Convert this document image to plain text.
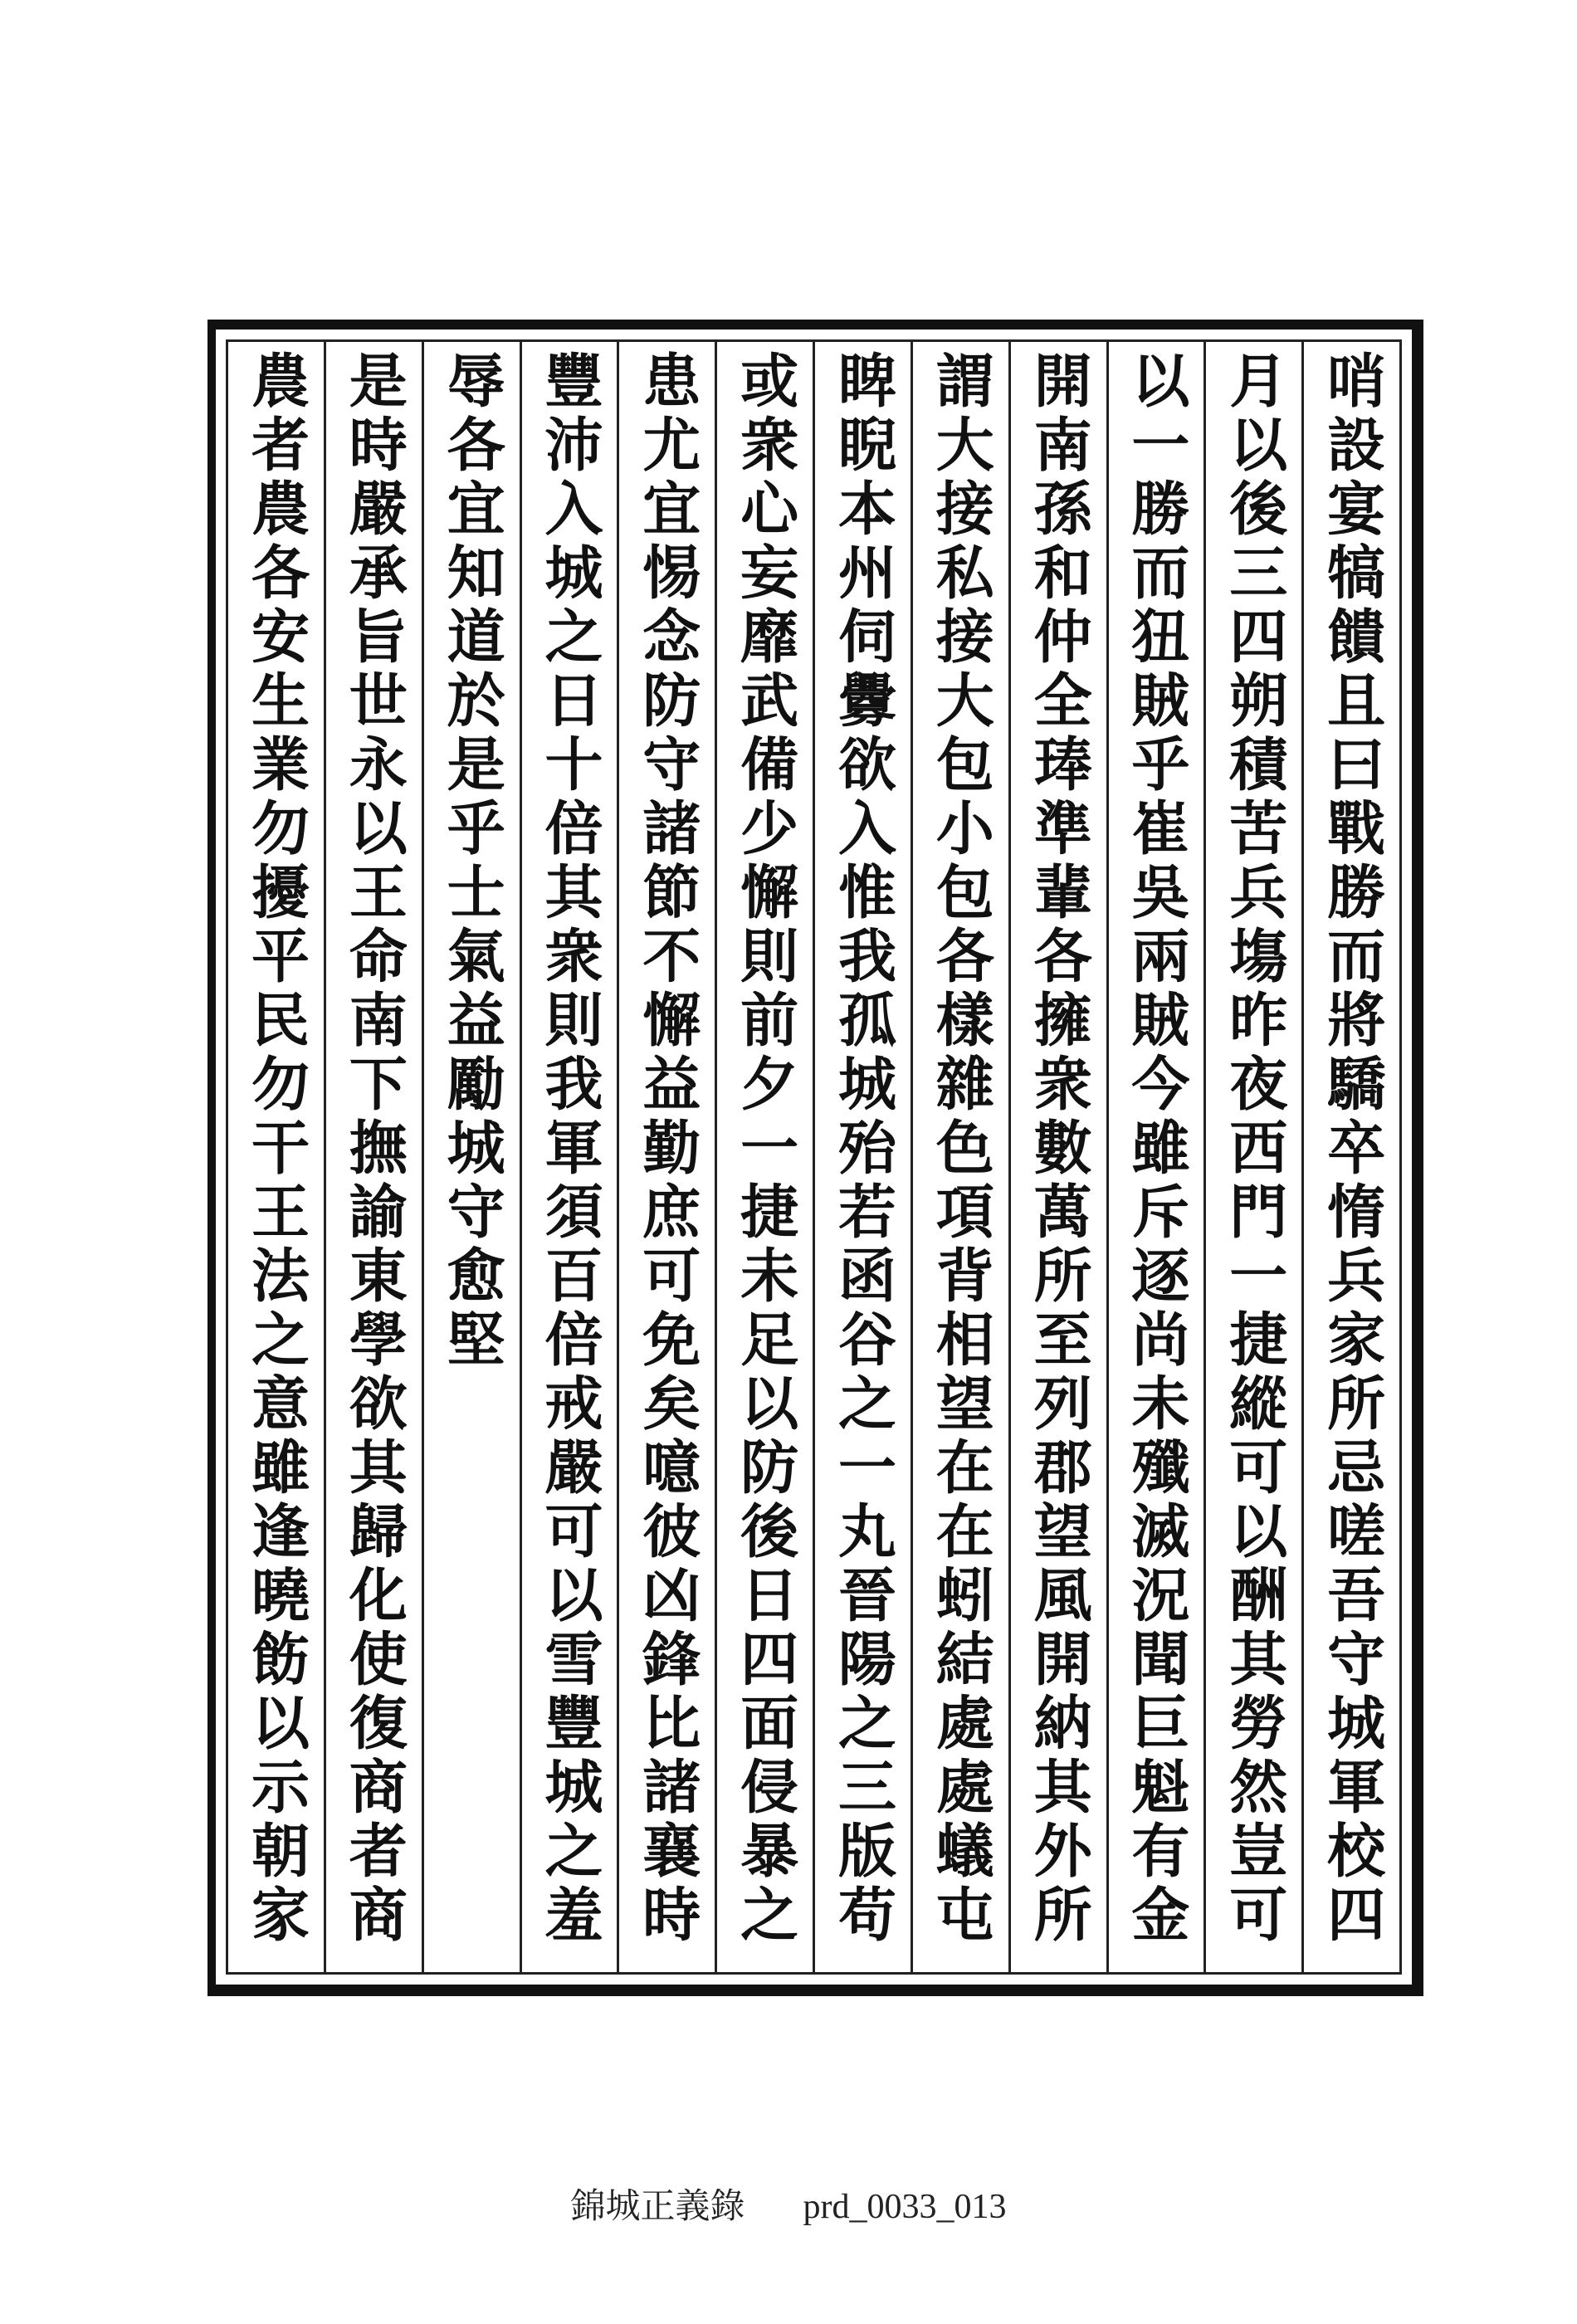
哨設宴犒饋且曰戰勝而將驕卒惰兵家所忌嗟吾守城軍校四
月以後三四朔積苦兵塲昨夜西門一捷縱可以酬其勞然豈可
以一勝而狃賊乎崔吳兩賊今雖斥逐尚未殲滅況聞巨魁有金
開南孫和仲全琫準輩各擁衆數萬所至列郡望風開納其外所
謂大接私接大包小包各樣雜色項背相望在在蚓結處處蟻屯
睥睨本州伺釁欲入惟我孤城殆若函谷之一丸晉陽之三版苟
或衆心妄靡武備少懈則前夕一捷未足以防後日四面侵暴之
患尤宜惕念防守諸節不懈益勤庶可免矣噫彼凶鋒比諸襄時
豐沛入城之日十倍其衆則我軍須百倍戒嚴可以雪豐城之羞
辱各宜知道於是乎士氣益勵城守愈堅
是時嚴承旨世永以王命南下撫諭東學欲其歸化使復商者商
農者農各安生業勿擾平民勿干王法之意雖逢曉飭以示朝家
錦城正義錄 prd_0033_013
